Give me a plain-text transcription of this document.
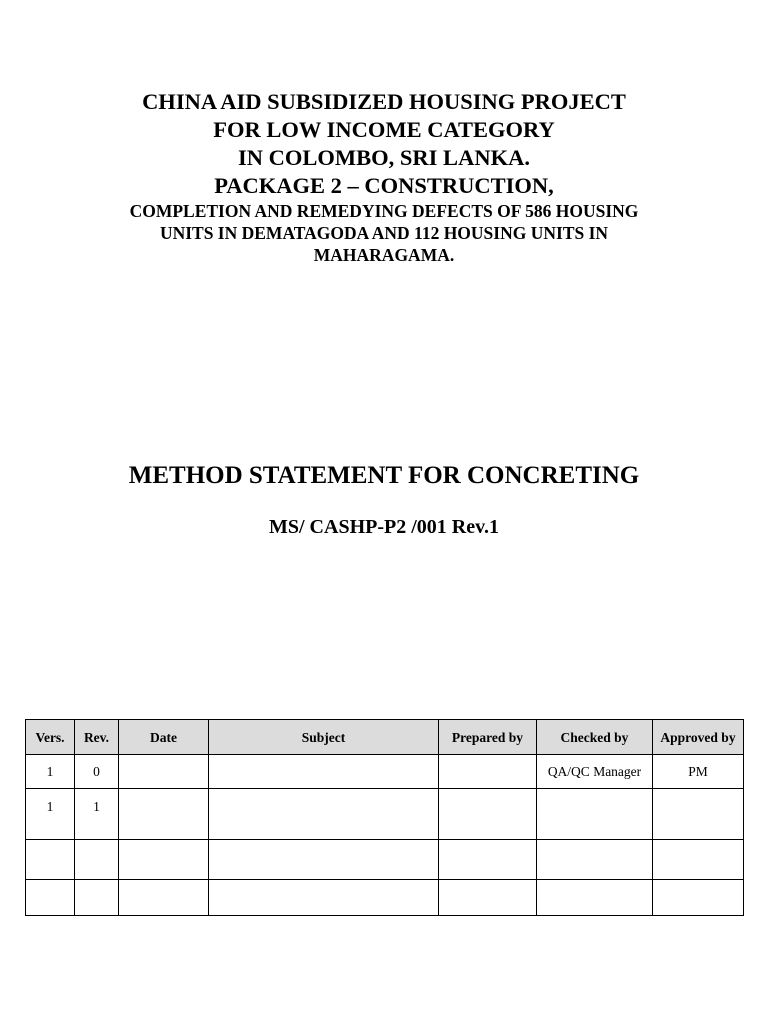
CHINA AID SUBSIDIZED HOUSING PROJECT
FOR LOW INCOME CATEGORY
IN COLOMBO, SRI LANKA.
PACKAGE 2 – CONSTRUCTION,
COMPLETION AND REMEDYING DEFECTS OF 586 HOUSING
UNITS IN DEMATAGODA AND 112 HOUSING UNITS IN
MAHARAGAMA.
METHOD STATEMENT FOR CONCRETING
MS/ CASHP-P2 /001 Rev.1
Vers.	Rev.	Date	Subject	Prepared by	Checked by	Approved by
1	0				QA/QC Manager	PM
1	1					
